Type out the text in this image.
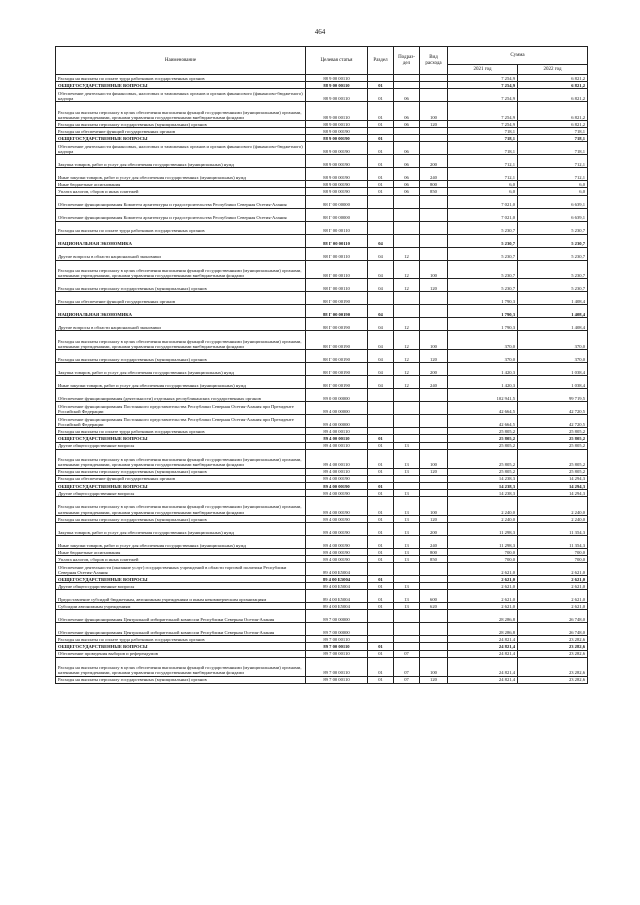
464
Наименование	Целевая статья	Раздел	Подраз- дел	Вид расхода	Сумма	
					2021 год	2022 год
Расходы на выплаты по оплате труда работников государственных органов	88 9 00 00110				7 254,9	6 821,2
ОБЩЕГОСУДАРСТВЕННЫЕ ВОПРОСЫ	88 9 00 00110	01			7 254,9	6 821,2
Обеспечение деятельности финансовых, налоговых и таможенных органов и органов финансового (финансово-бюджетного) надзора	88 9 00 00110	01	06		7 254,9	6 821,2
Расходы на выплаты персоналу в целях обеспечения выполнения функций государственными (муниципальными) органами, казенными учреждениями, органами управления государственными внебюджетными фондами	88 9 00 00110	01	06	100	7 254,9	6 821,2
Расходы на выплаты персоналу государственных (муниципальных) органов	88 9 00 00110	01	06	120	7 254,9	6 821,2
Расходы на обеспечение функций государственных органов	88 9 00 00190				718,1	718,1
ОБЩЕГОСУДАРСТВЕННЫЕ ВОПРОСЫ	88 9 00 00190	01			718,1	718,1
Обеспечение деятельности финансовых, налоговых и таможенных органов и органов финансового (финансово-бюджетного) надзора	88 9 00 00190	01	06		718,1	718,1
Закупка товаров, работ и услуг для обеспечения государственных (муниципальных) нужд	88 9 00 00190	01	06	200	712,1	712,1
Иные закупки товаров, работ и услуг для обеспечения государственных (муниципальных) нужд	88 9 00 00190	01	06	240	712,1	712,1
Иные бюджетные ассигнования	88 9 00 00190	01	06	800	6,0	6,0
Уплата налогов, сборов и иных платежей	88 9 00 00190	01	06	850	6,0	6,0
Обеспечение функционирования Комитета архитектуры и градостроительства Республики Северная Осетия-Алания	88 Г 00 00000				7 021,0	6 639,1
Обеспечение функционирования Комитета архитектуры и градостроительства Республики Северная Осетия-Алания	88 Г 00 00000				7 021,0	6 639,1
Расходы на выплаты по оплате труда работников государственных органов	88 Г 00 00110				5 230,7	5 230,7
НАЦИОНАЛЬНАЯ ЭКОНОМИКА	88 Г 00 00110	04			5 230,7	5 230,7
Другие вопросы в области национальной экономики	88 Г 00 00110	04	12		5 230,7	5 230,7
Расходы на выплаты персоналу в целях обеспечения выполнения функций государственными (муниципальными) органами, казенными учреждениями, органами управления государственными внебюджетными фондами	88 Г 00 00110	04	12	100	5 230,7	5 230,7
Расходы на выплаты персоналу государственных (муниципальных) органов	88 Г 00 00110	04	12	120	5 230,7	5 230,7
Расходы на обеспечение функций государственных органов	88 Г 00 00190				1 790,3	1 408,4
НАЦИОНАЛЬНАЯ ЭКОНОМИКА	88 Г 00 00190	04			1 790,3	1 408,4
Другие вопросы в области национальной экономики	88 Г 00 00190	04	12		1 790,3	1 408,4
Расходы на выплаты персоналу в целях обеспечения выполнения функций государственными (муниципальными) органами, казенными учреждениями, органами управления государственными внебюджетными фондами	88 Г 00 00190	04	12	100	370,0	370,0
Расходы на выплаты персоналу государственных (муниципальных) органов	88 Г 00 00190	04	12	120	370,0	370,0
Закупка товаров, работ и услуг для обеспечения государственных (муниципальных) нужд	88 Г 00 00190	04	12	200	1 420,3	1 038,4
Иные закупки товаров, работ и услуг для обеспечения государственных (муниципальных) нужд	88 Г 00 00190	04	12	240	1 420,3	1 038,4
Обеспечение функционирования (деятельности) отдельных республиканских государственных органов	89 0 00 00000				102 941,5	99 719,5
Обеспечение функционирования Постоянного представительства Республики Северная Осетия-Алания при Президенте Российской Федерации	89 4 00 00000				42 664,5	42 720,5
Обеспечение функционирования Постоянного представительства Республики Северная Осетия-Алания при Президенте Российской Федерации	89 4 00 00000				42 664,5	42 720,5
Расходы на выплаты по оплате труда работников государственных органов	89 4 00 00110				25 805,2	25 805,2
ОБЩЕГОСУДАРСТВЕННЫЕ ВОПРОСЫ	89 4 00 00110	01			25 805,2	25 805,2
Другие общегосударственные вопросы	89 4 00 00110	01	13		25 805,2	25 805,2
Расходы на выплаты персоналу в целях обеспечения выполнения функций государственными (муниципальными) органами, казенными учреждениями, органами управления государственными внебюджетными фондами	89 4 00 00110	01	13	100	25 805,2	25 805,2
Расходы на выплаты персоналу государственных (муниципальных) органов	89 4 00 00110	01	13	120	25 805,2	25 805,2
Расходы на обеспечение функций государственных органов	89 4 00 00190				14 238,3	14 294,3
ОБЩЕГОСУДАРСТВЕННЫЕ ВОПРОСЫ	89 4 00 00190	01			14 238,3	14 294,3
Другие общегосударственные вопросы	89 4 00 00190	01	13		14 238,3	14 294,3
Расходы на выплаты персоналу в целях обеспечения выполнения функций государственными (муниципальными) органами, казенными учреждениями, органами управления государственными внебюджетными фондами	89 4 00 00190	01	13	100	2 240,0	2 240,0
Расходы на выплаты персоналу государственных (муниципальных) органов	89 4 00 00190	01	13	120	2 240,0	2 240,0
Закупка товаров, работ и услуг для обеспечения государственных (муниципальных) нужд	89 4 00 00190	01	13	200	11 298,3	11 354,3
Иные закупки товаров, работ и услуг для обеспечения государственных (муниципальных) нужд	89 4 00 00190	01	13	240	11 298,3	11 354,3
Иные бюджетные ассигнования	89 4 00 00190	01	13	800	700,0	700,0
Уплата налогов, сборов и иных платежей	89 4 00 00190	01	13	850	700,0	700,0
Обеспечение деятельности (оказание услуг) государственных учреждений в области торговой политики Республики Северная Осетия-Алания	89 4 00 Б5004				2 621,0	2 621,0
ОБЩЕГОСУДАРСТВЕННЫЕ ВОПРОСЫ	89 4 00 Б5004	01			2 621,0	2 621,0
Другие общегосударственные вопросы	89 4 00 Б5004	01	13		2 621,0	2 621,0
Предоставление субсидий бюджетным, автономным учреждениям и иным некоммерческим организациям	89 4 00 Б5004	01	13	600	2 621,0	2 621,0
Субсидии автономным учреждениям	89 4 00 Б5004	01	13	620	2 621,0	2 621,0
Обеспечение функционирования Центральной избирательной комиссии Республики Северная Осетия-Алания	89 7 00 00000				28 286,8	26 748,0
Обеспечение функционирования Центральной избирательной комиссии Республики Северная Осетия-Алания	89 7 00 00000				28 286,8	26 748,0
Расходы на выплаты по оплате труда работников государственных органов	89 7 00 00110				24 821,4	23 282,6
ОБЩЕГОСУДАРСТВЕННЫЕ ВОПРОСЫ	89 7 00 00110	01			24 821,4	23 282,6
Обеспечение проведения выборов и референдумов	89 7 00 00110	01	07		24 821,4	23 282,6
Расходы на выплаты персоналу в целях обеспечения выполнения функций государственными (муниципальными) органами, казенными учреждениями, органами управления государственными внебюджетными фондами	89 7 00 00110	01	07	100	24 821,4	23 282,6
Расходы на выплаты персоналу государственных (муниципальных) органов	89 7 00 00110	01	07	120	24 821,4	23 282,6
